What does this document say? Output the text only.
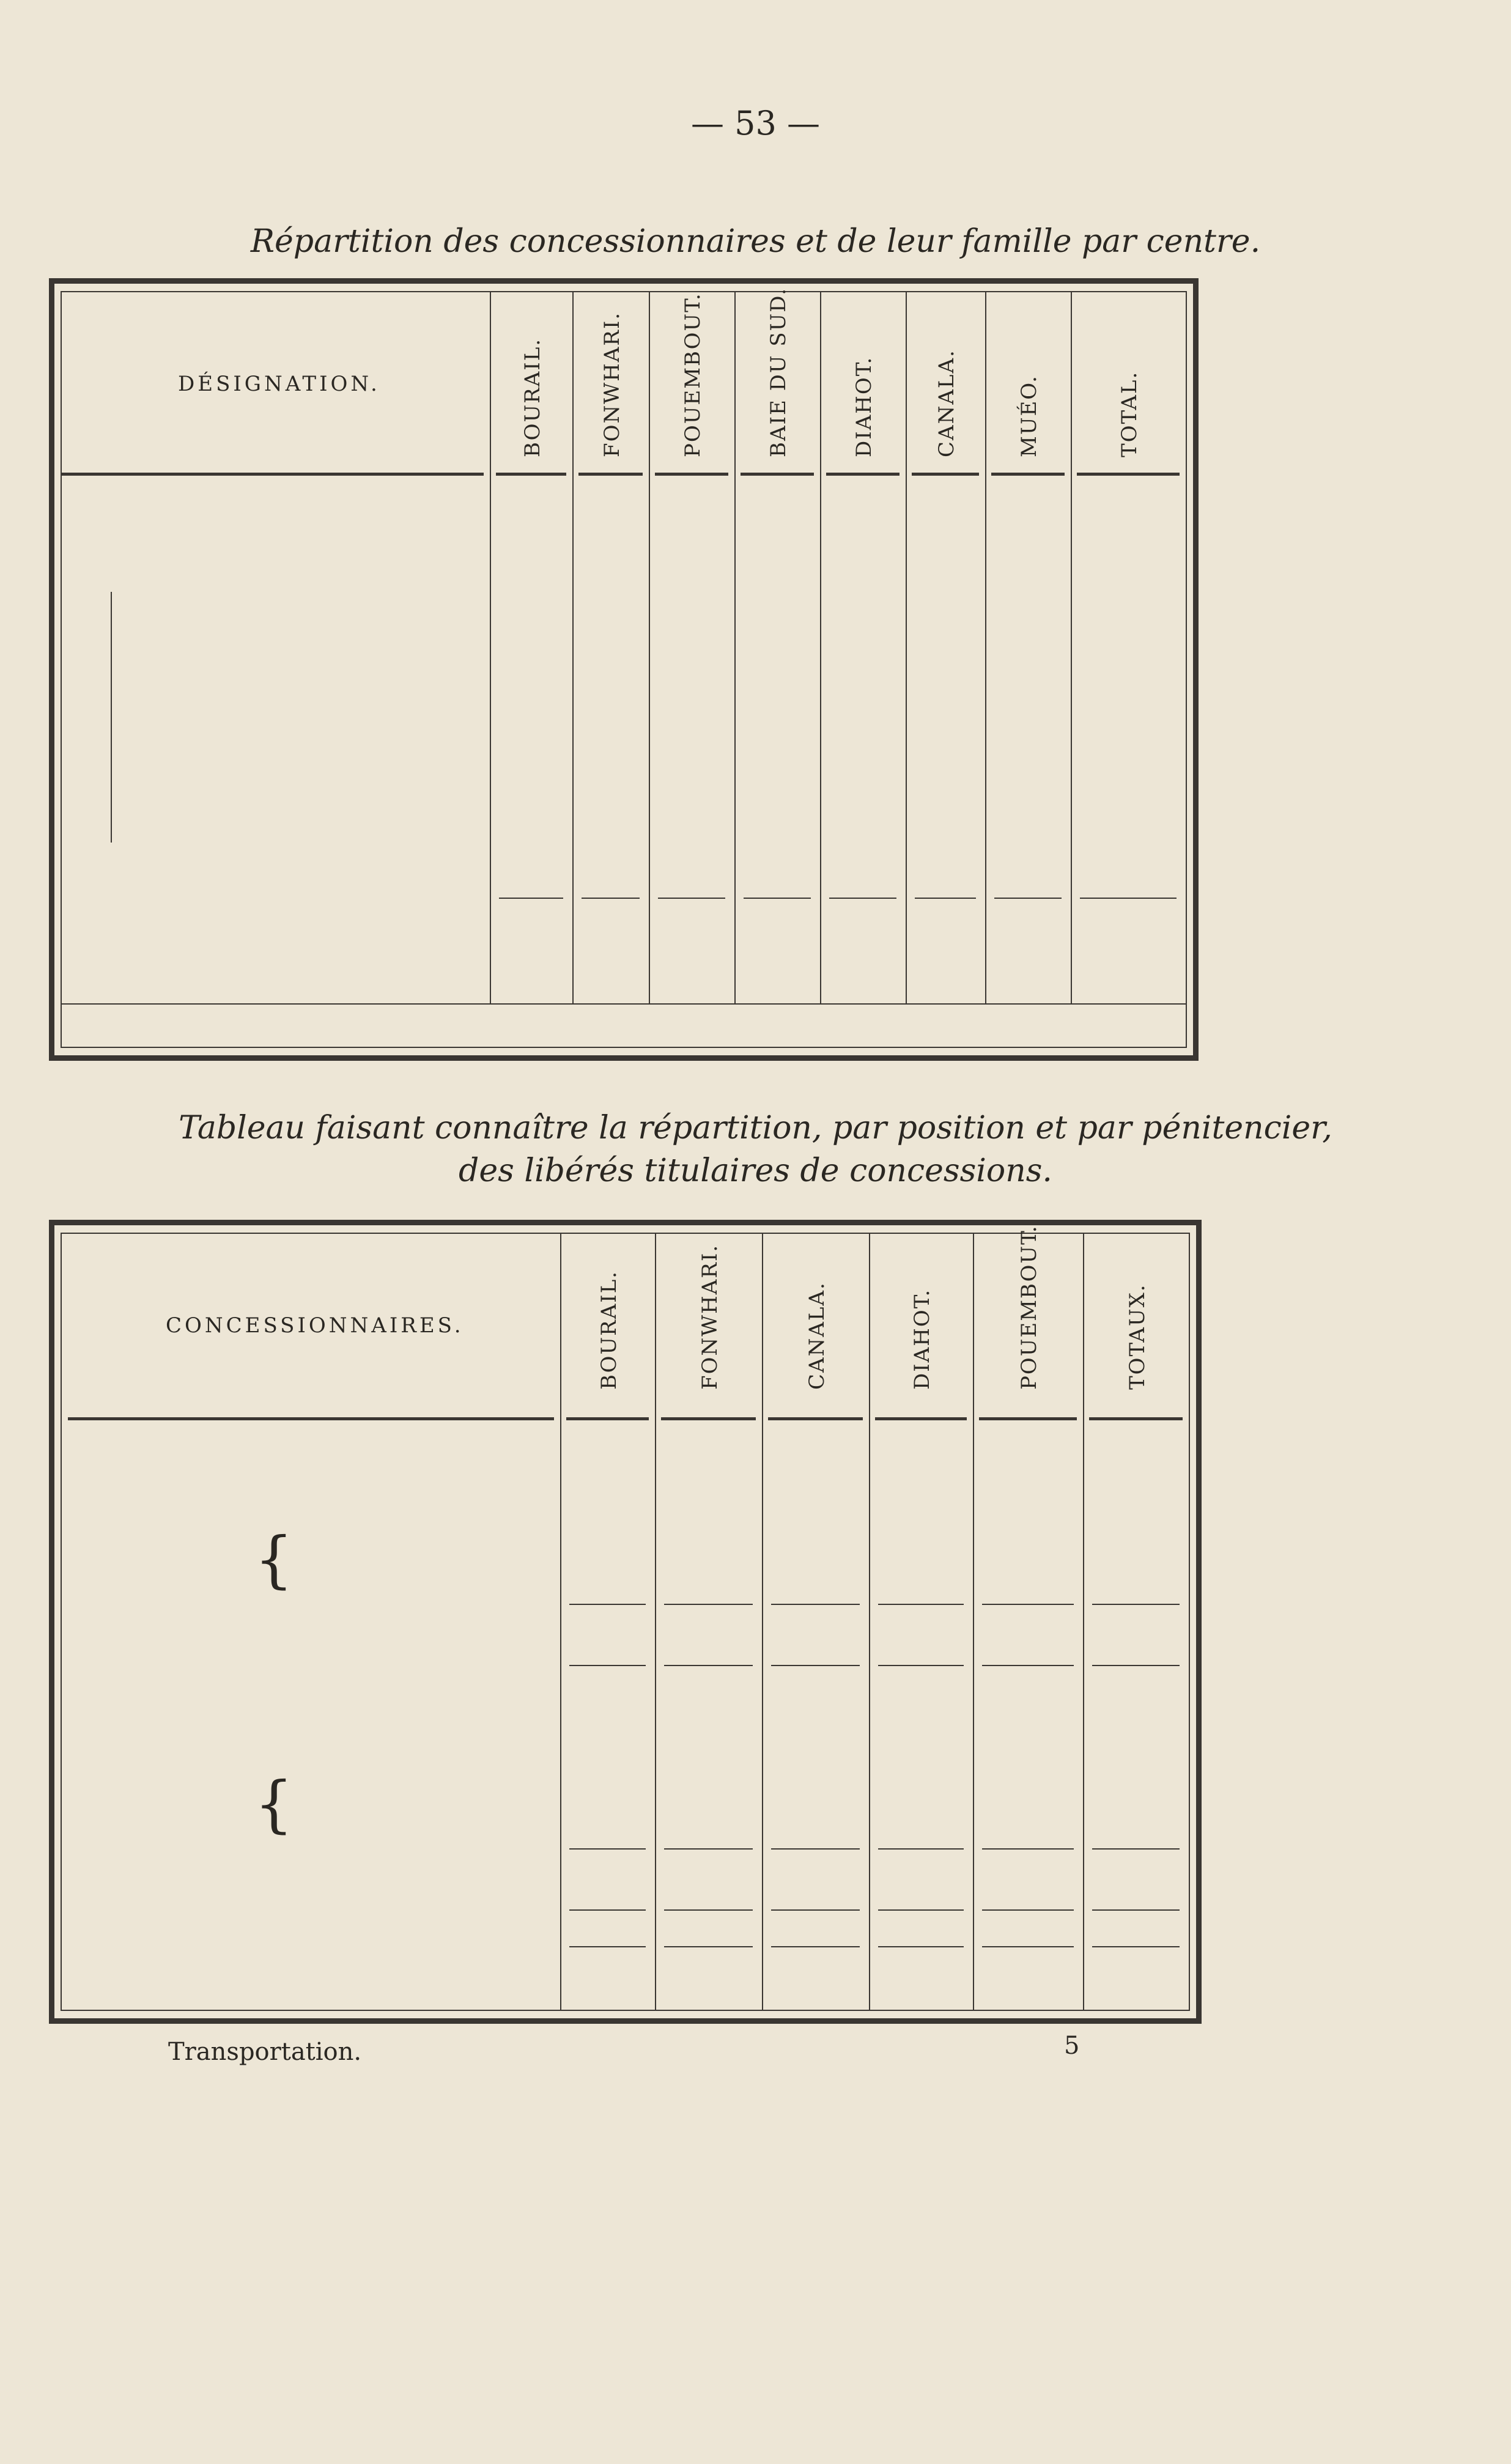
— 53 —
Répartition des concessionnaires et de leur famille par centre.
DÉSIGNATION.	BOURAIL.	FONWHARI.	POUEMBOUT.	BAIE DU SUD.	DIAHOT.	CANALA.	MUÉO.	TOTAL.
Tableau faisant connaître la répartition, par position et par pénitencier,
des libérés titulaires de concessions.
CONCESSIONNAIRES.	BOURAIL.	FONWHARI.	CANALA.	DIAHOT.	POUEMBOUT.	TOTAUX.
{
{
Transportation.	5
